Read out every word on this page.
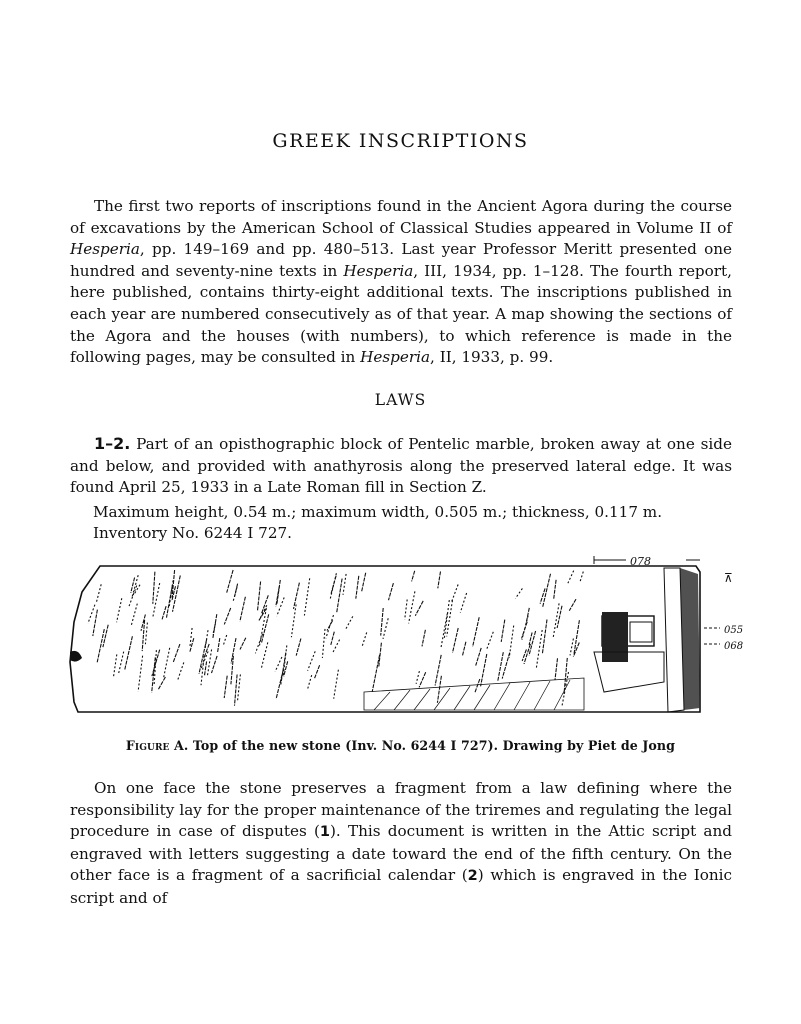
GREEK INSCRIPTIONS

The first two reports of inscriptions found in the Ancient Agora during the course of excavations by the American School of Classical Studies appeared in Volume II of Hesperia, pp. 149–169 and pp. 480–513. Last year Professor Meritt presented one hundred and seventy-nine texts in Hesperia, III, 1934, pp. 1–128. The fourth report, here published, contains thirty-eight additional texts. The inscriptions published in each year are numbered consecutively as of that year. A map showing the sections of the Agora and the houses (with numbers), to which reference is made in the following pages, may be consulted in Hesperia, II, 1933, p. 99.

LAWS

1–2. Part of an opisthographic block of Pentelic marble, broken away at one side and below, and provided with anathyrosis along the preserved lateral edge. It was found April 25, 1933 in a Late Roman fill in Section Z.

Maximum height, 0.54 m.; maximum width, 0.505 m.; thickness, 0.117 m.
Inventory No. 6244 I 727.
078
⊼
055
068
Figure A. Top of the new stone (Inv. No. 6244 I 727). Drawing by Piet de Jong

On one face the stone preserves a fragment from a law defining where the responsibility lay for the proper maintenance of the triremes and regulating the legal procedure in case of disputes (1). This document is written in the Attic script and engraved with letters suggesting a date toward the end of the fifth century. On the other face is a fragment of a sacrificial calendar (2) which is engraved in the Ionic script and of
